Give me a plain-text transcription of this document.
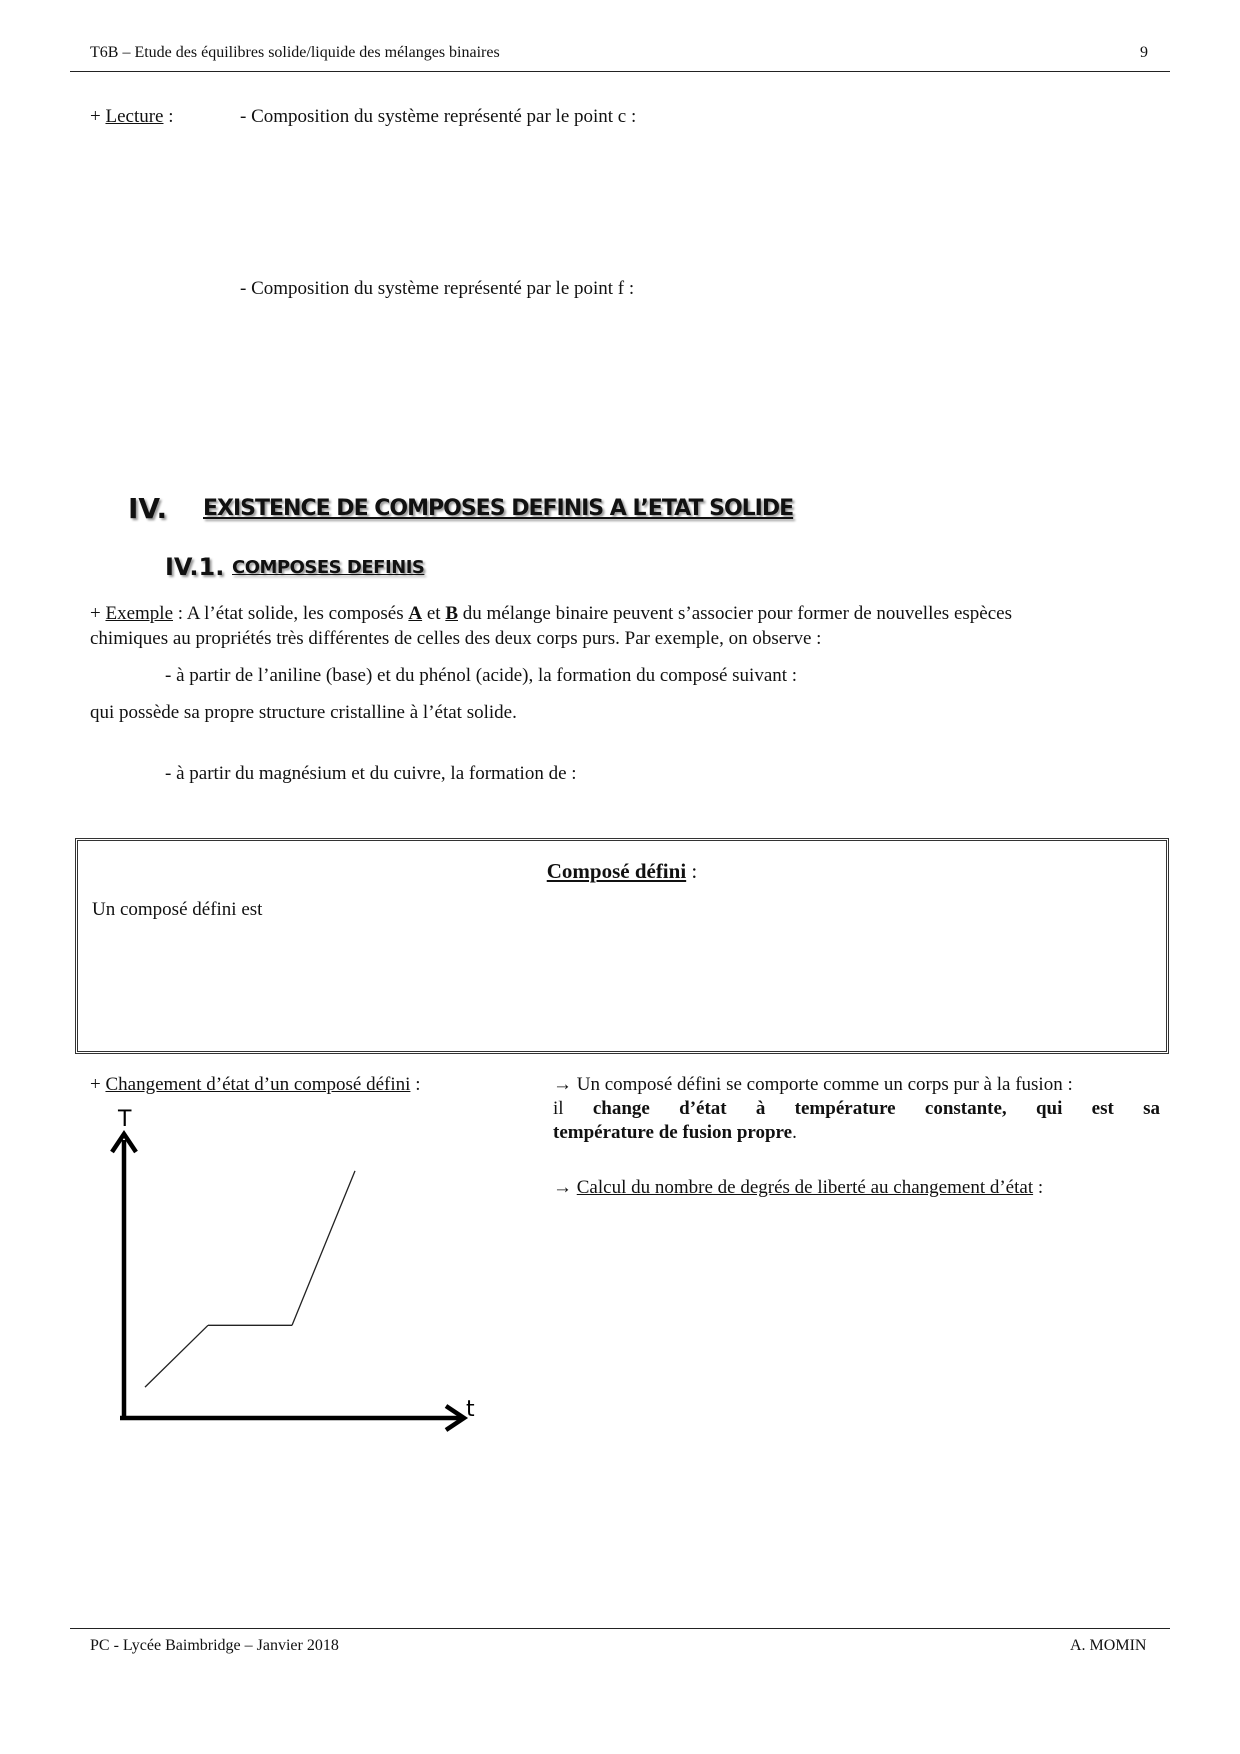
T6B – Etude des équilibres solide/liquide des mélanges binaires	9
+ Lecture :	- Composition du système représenté par le point c :
- Composition du système représenté par le point f :
IV. EXISTENCE DE COMPOSES DEFINIS A L’ETAT SOLIDE
IV.1. COMPOSES DEFINIS
+ Exemple : A l’état solide, les composés A et B du mélange binaire peuvent s’associer pour former de nouvelles espèces
chimiques au propriétés très différentes de celles des deux corps purs. Par exemple, on observe :
- à partir de l’aniline (base) et du phénol (acide), la formation du composé suivant :
qui possède sa propre structure cristalline à l’état solide.
- à partir du magnésium et du cuivre, la formation de :
Composé défini :
Un composé défini est
+ Changement d’état d’un composé défini :
T
t
→ Un composé défini se comporte comme un corps pur à la fusion :
il change d’état à température constante, qui est sa
température de fusion propre.
→ Calcul du nombre de degrés de liberté au changement d’état :
PC - Lycée Baimbridge – Janvier 2018	A. MOMIN
